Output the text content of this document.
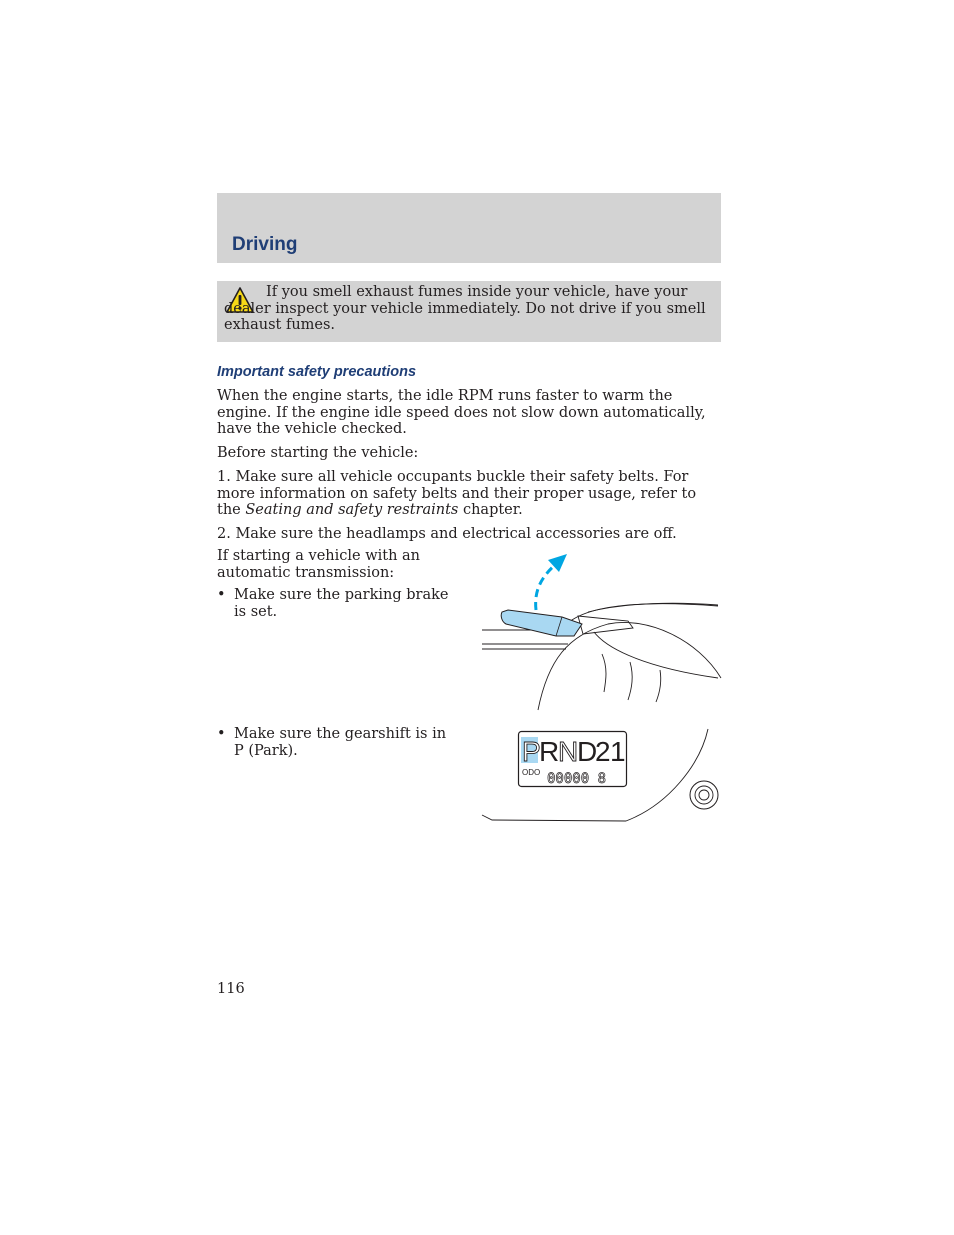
Driving
If you smell exhaust fumes inside your vehicle, have your dealer inspect your vehicle immediately. Do not drive if you smell exhaust fumes.
Important safety precautions
When the engine starts, the idle RPM runs faster to warm the engine. If the engine idle speed does not slow down automatically, have the vehicle checked.
Before starting the vehicle:
1. Make sure all vehicle occupants buckle their safety belts. For more information on safety belts and their proper usage, refer to the Seating and safety restraints chapter.
2. Make sure the headlamps and electrical accessories are off.
If starting a vehicle with an automatic transmission:
• Make sure the parking brake is set.
• Make sure the gearshift is in P (Park).	P
R
N
D
2 1
ODO 00000 8
116
